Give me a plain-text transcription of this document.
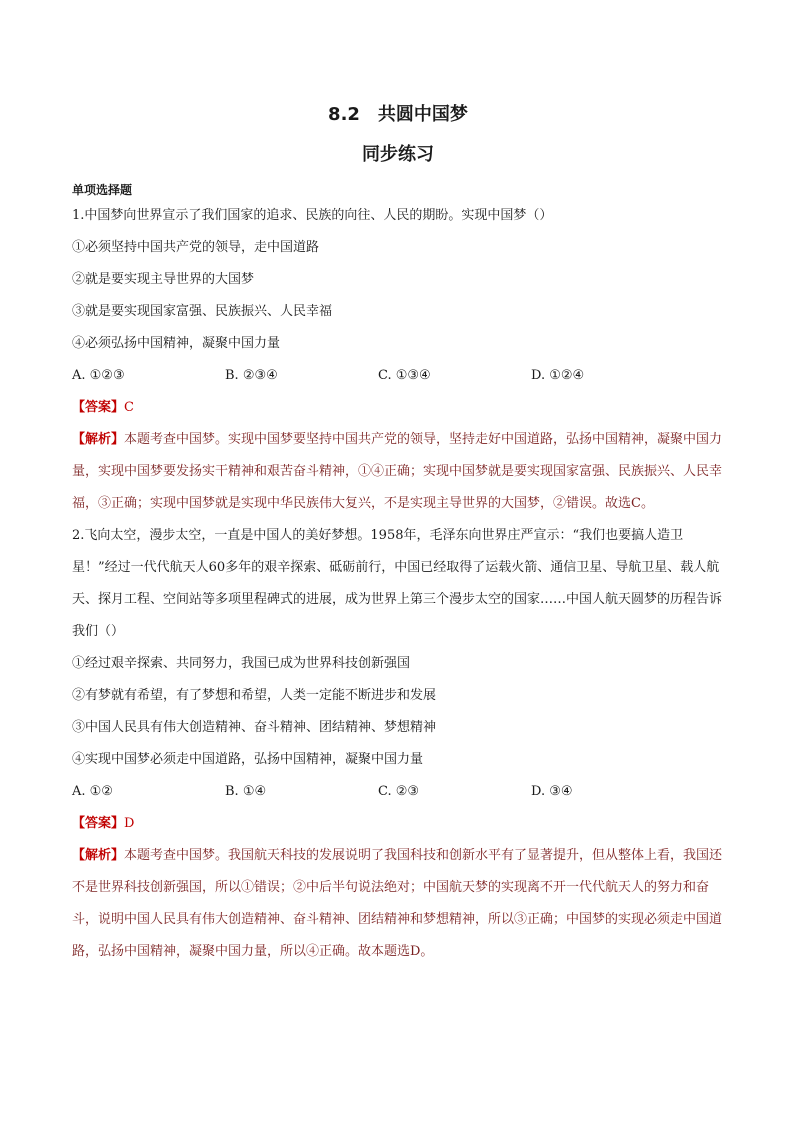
8.2　共圆中国梦
同步练习
单项选择题

1.中国梦向世界宣示了我们国家的追求、民族的向往、人民的期盼。实现中国梦（）

①必须坚持中国共产党的领导，走中国道路

②就是要实现主导世界的大国梦

③就是要实现国家富强、民族振兴、人民幸福

④必须弘扬中国精神，凝聚中国力量

A. ①②③	B. ②③④	C. ①③④	D. ①②④
【答案】C
【解析】本题考查中国梦。实现中国梦要坚持中国共产党的领导，坚持走好中国道路，弘扬中国精神，凝聚中国力量，实现中国梦要发扬实干精神和艰苦奋斗精神，①④正确；实现中国梦就是要实现国家富强、民族振兴、人民幸福，③正确；实现中国梦就是实现中华民族伟大复兴，不是实现主导世界的大国梦，②错误。故选C。

2.飞向太空，漫步太空，一直是中国人的美好梦想。1958年，毛泽东向世界庄严宣示：“我们也要搞人造卫星！”经过一代代航天人60多年的艰辛探索、砥砺前行，中国已经取得了运载火箭、通信卫星、导航卫星、载人航天、探月工程、空间站等多项里程碑式的进展，成为世界上第三个漫步太空的国家……中国人航天圆梦的历程告诉我们（）

①经过艰辛探索、共同努力，我国已成为世界科技创新强国

②有梦就有希望，有了梦想和希望，人类一定能不断进步和发展

③中国人民具有伟大创造精神、奋斗精神、团结精神、梦想精神

④实现中国梦必须走中国道路，弘扬中国精神，凝聚中国力量

A. ①②	B. ①④	C. ②③	D. ③④
【答案】D
【解析】本题考查中国梦。我国航天科技的发展说明了我国科技和创新水平有了显著提升，但从整体上看，我国还不是世界科技创新强国，所以①错误；②中后半句说法绝对；中国航天梦的实现离不开一代代航天人的努力和奋斗，说明中国人民具有伟大创造精神、奋斗精神、团结精神和梦想精神，所以③正确；中国梦的实现必须走中国道路，弘扬中国精神，凝聚中国力量，所以④正确。故本题选D。
